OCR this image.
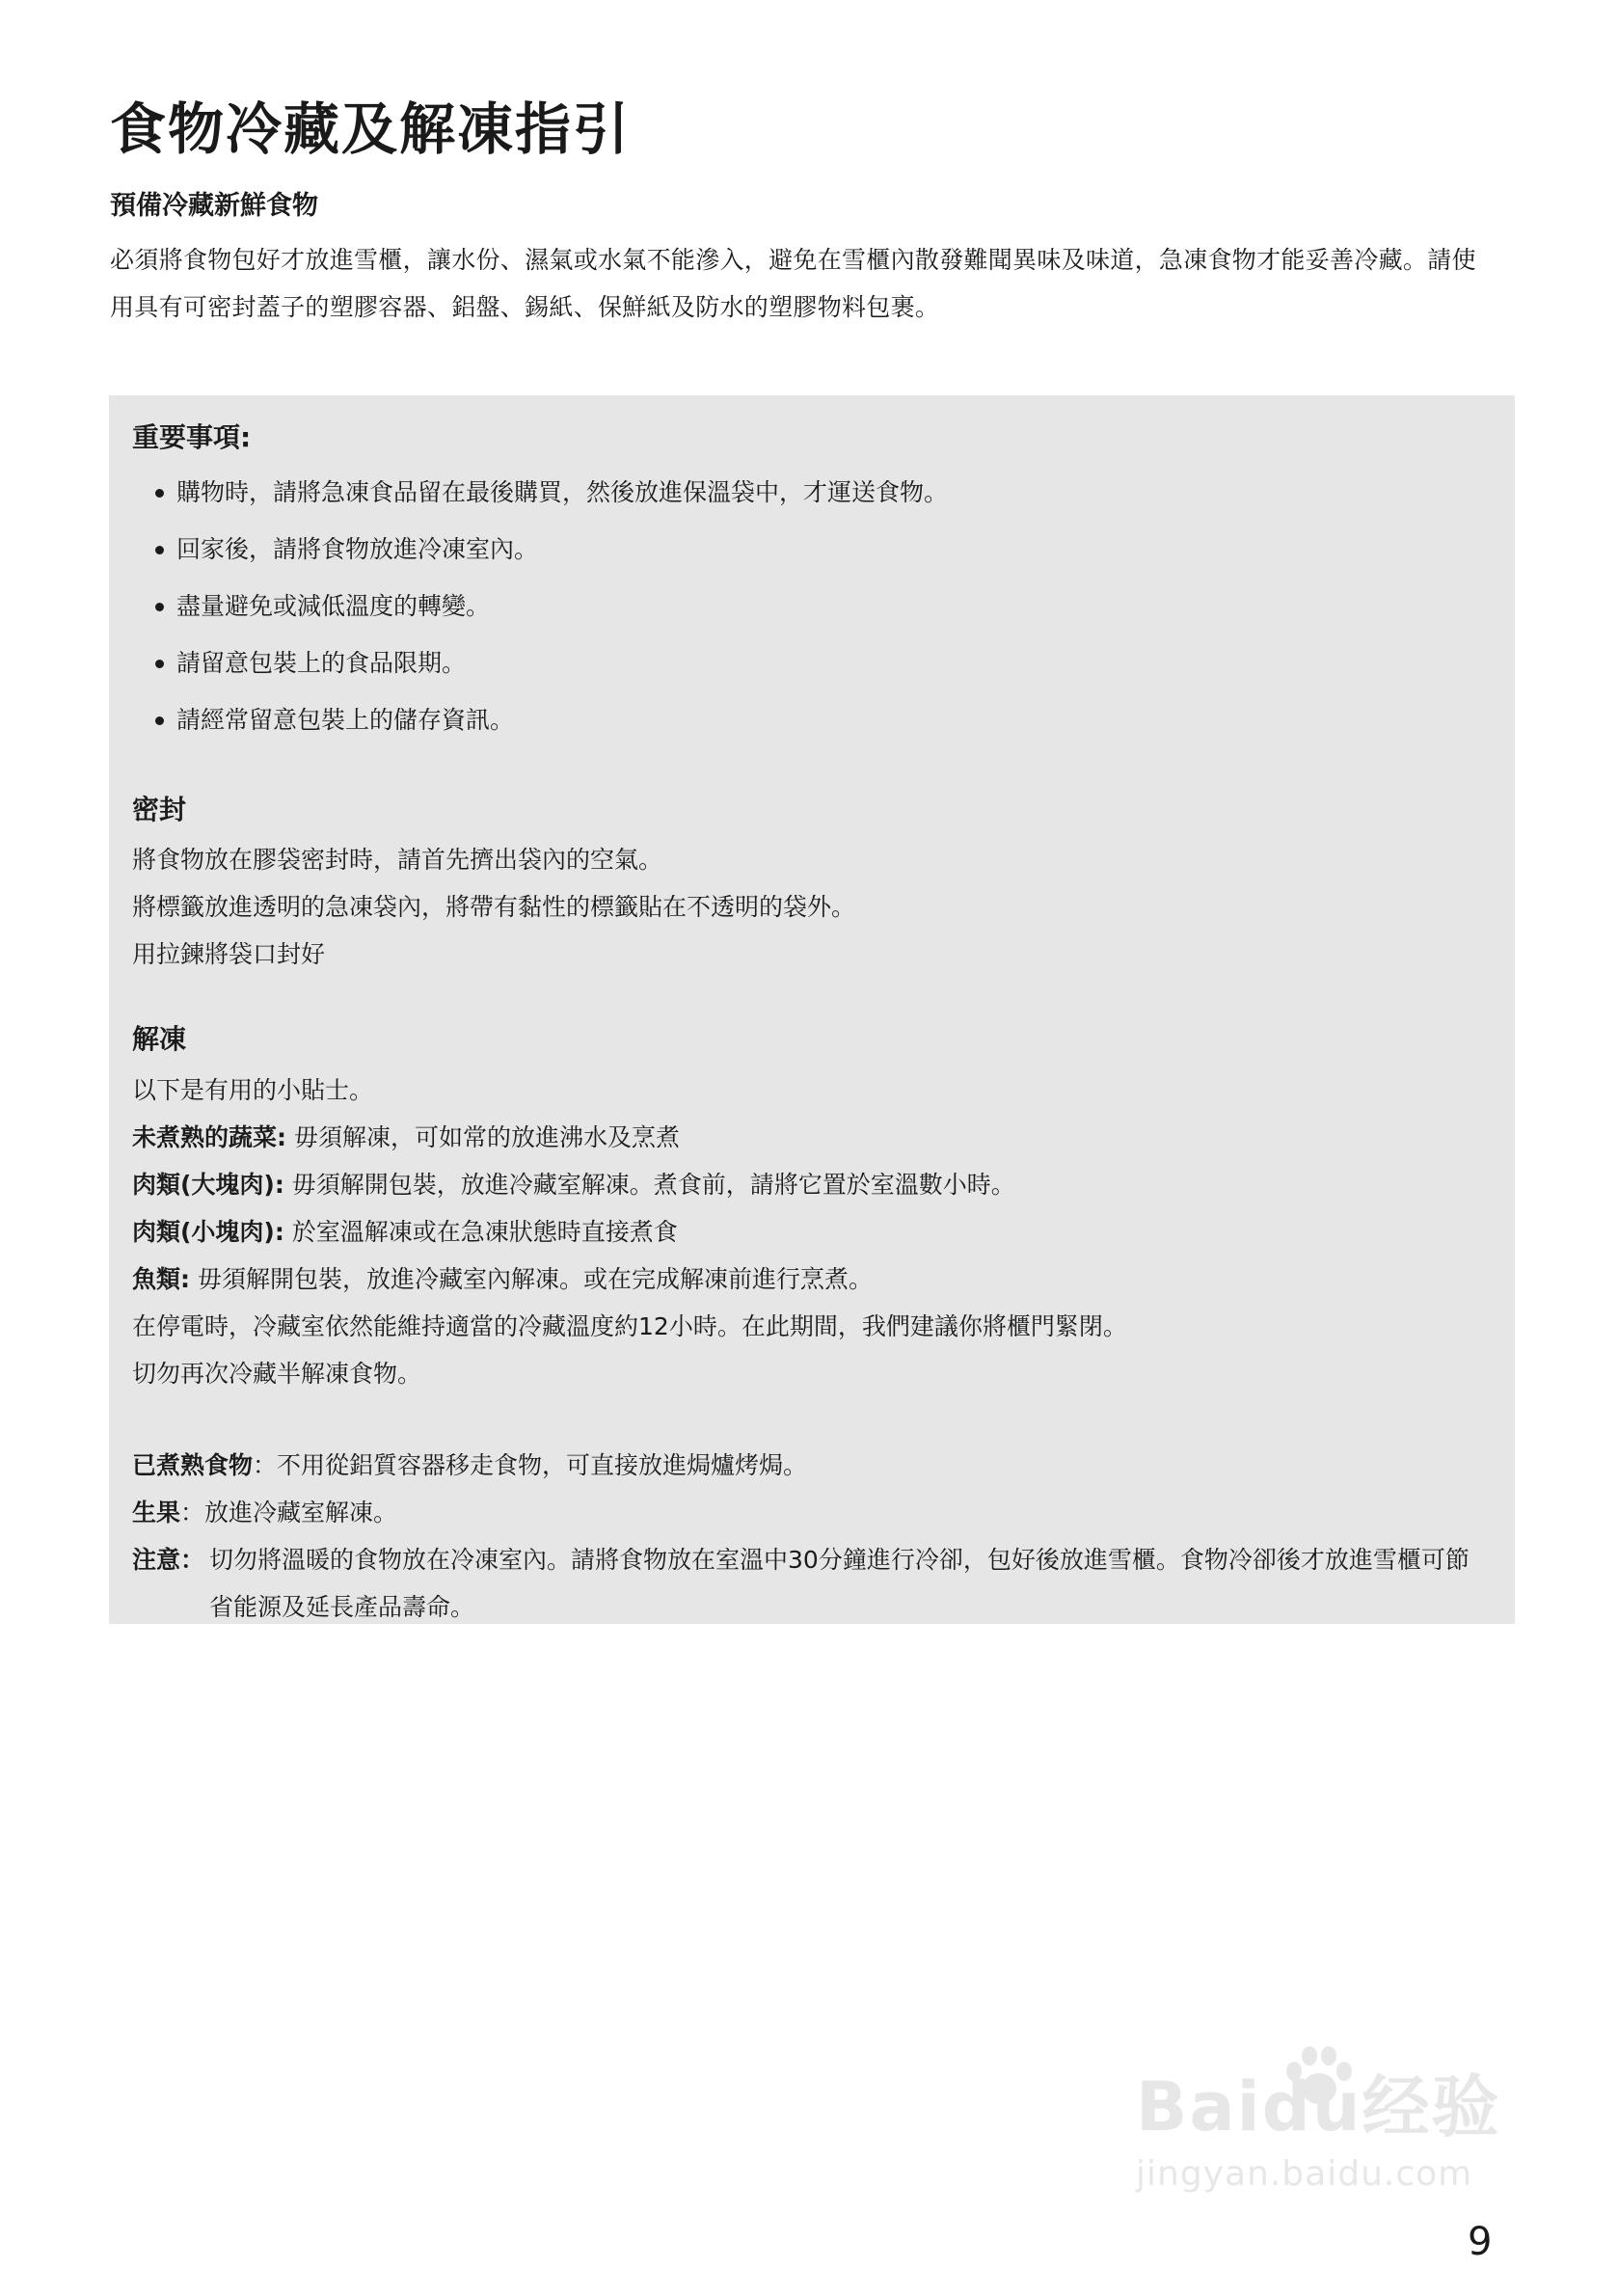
食物冷藏及解凍指引
預備冷藏新鮮食物

必須將食物包好才放進雪櫃，讓水份、濕氣或水氣不能滲入，避免在雪櫃內散發難聞異味及味道，急凍食物才能妥善冷藏。請使用具有可密封蓋子的塑膠容器、鋁盤、錫紙、保鮮紙及防水的塑膠物料包裹。

重要事項:
購物時，請將急凍食品留在最後購買，然後放進保溫袋中，才運送食物。
回家後，請將食物放進冷凍室內。
盡量避免或減低溫度的轉變。
請留意包裝上的食品限期。
請經常留意包裝上的儲存資訊。
密封

將食物放在膠袋密封時，請首先擠出袋內的空氣。

將標籤放進透明的急凍袋內，將帶有黏性的標籤貼在不透明的袋外。

用拉鍊將袋口封好

解凍

以下是有用的小貼士。

未煮熟的蔬菜: 毋須解凍，可如常的放進沸水及烹煮

肉類(大塊肉): 毋須解開包裝，放進冷藏室解凍。煮食前，請將它置於室溫數小時。

肉類(小塊肉): 於室溫解凍或在急凍狀態時直接煮食

魚類: 毋須解開包裝，放進冷藏室內解凍。或在完成解凍前進行烹煮。

在停電時，冷藏室依然能維持適當的冷藏溫度約12小時。在此期間，我們建議你將櫃門緊閉。

切勿再次冷藏半解凍食物。

已煮熟食物：不用從鋁質容器移走食物，可直接放進焗爐烤焗。

生果：放進冷藏室解凍。

注意： 切勿將溫暖的食物放在冷凍室內。請將食物放在室溫中30分鐘進行冷卻，包好後放進雪櫃。食物冷卻後才放進雪櫃可節省能源及延長產品壽命。
Baidu经验
jingyan.baidu.com
9
